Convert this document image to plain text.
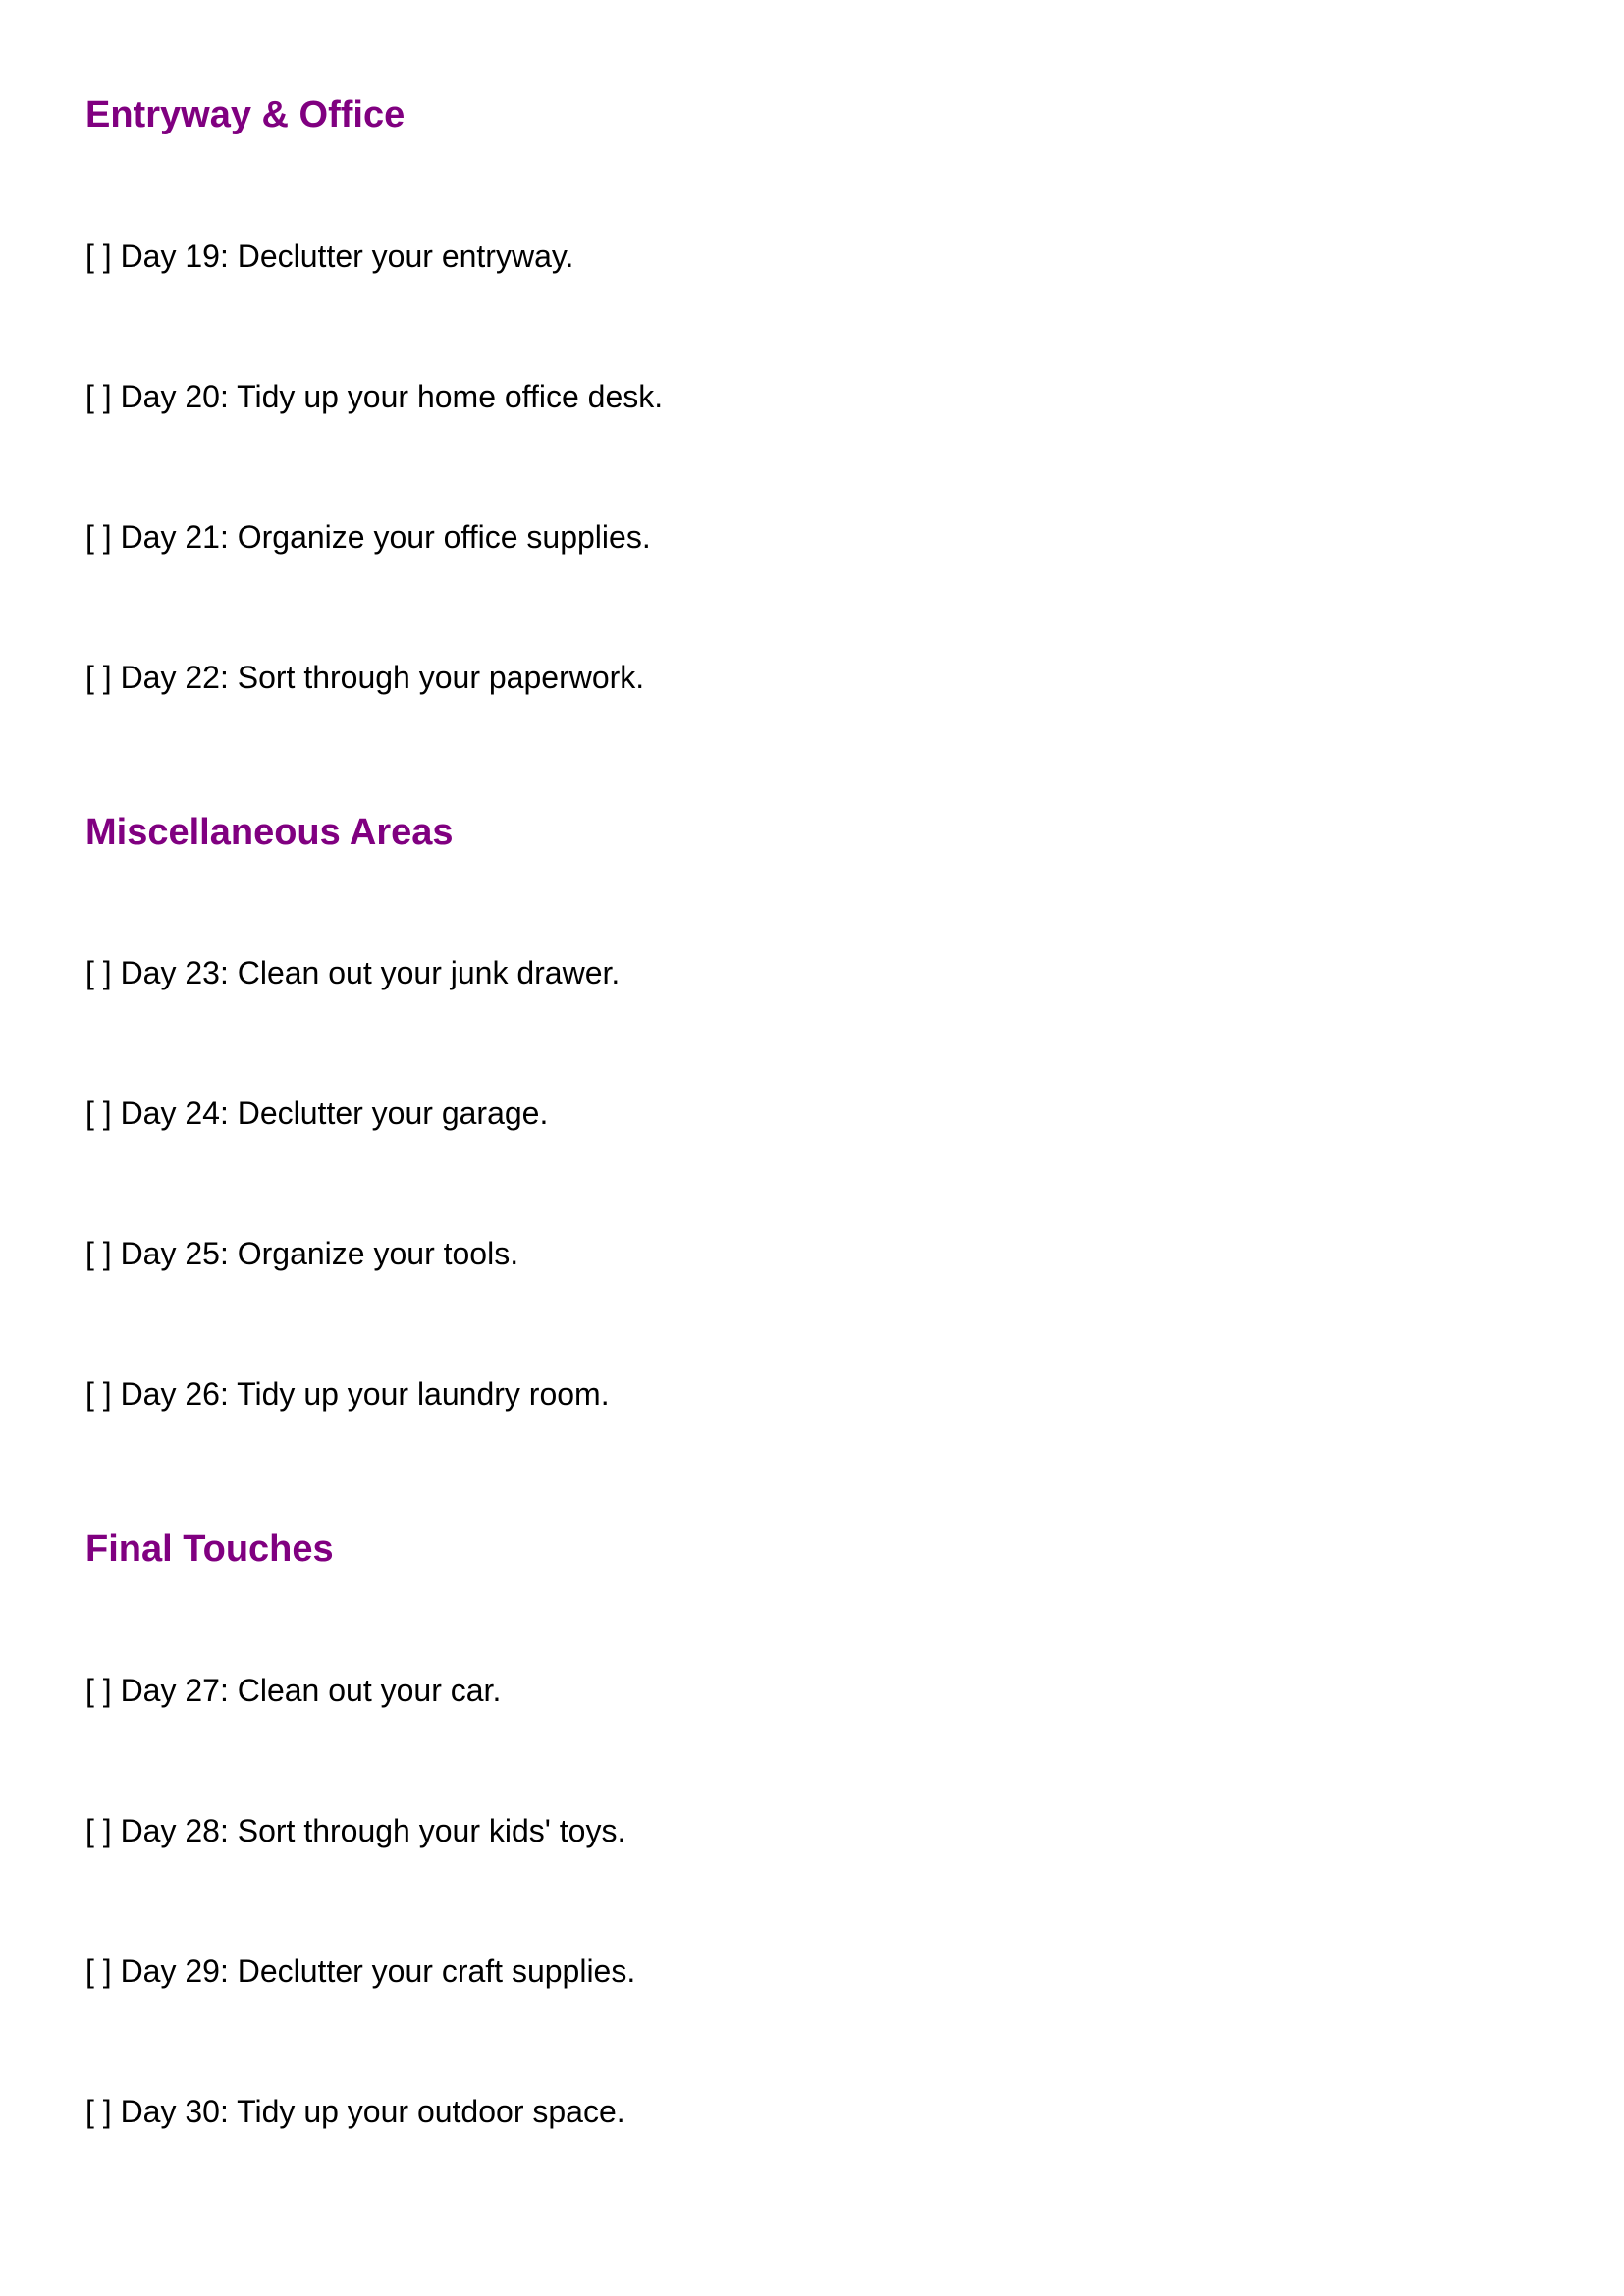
Entryway & Office

[ ] Day 19: Declutter your entryway.

[ ] Day 20: Tidy up your home office desk.

[ ] Day 21: Organize your office supplies.

[ ] Day 22: Sort through your paperwork.

Miscellaneous Areas

[ ] Day 23: Clean out your junk drawer.

[ ] Day 24: Declutter your garage.

[ ] Day 25: Organize your tools.

[ ] Day 26: Tidy up your laundry room.

Final Touches

[ ] Day 27: Clean out your car.

[ ] Day 28: Sort through your kids' toys.

[ ] Day 29: Declutter your craft supplies.

[ ] Day 30: Tidy up your outdoor space.
